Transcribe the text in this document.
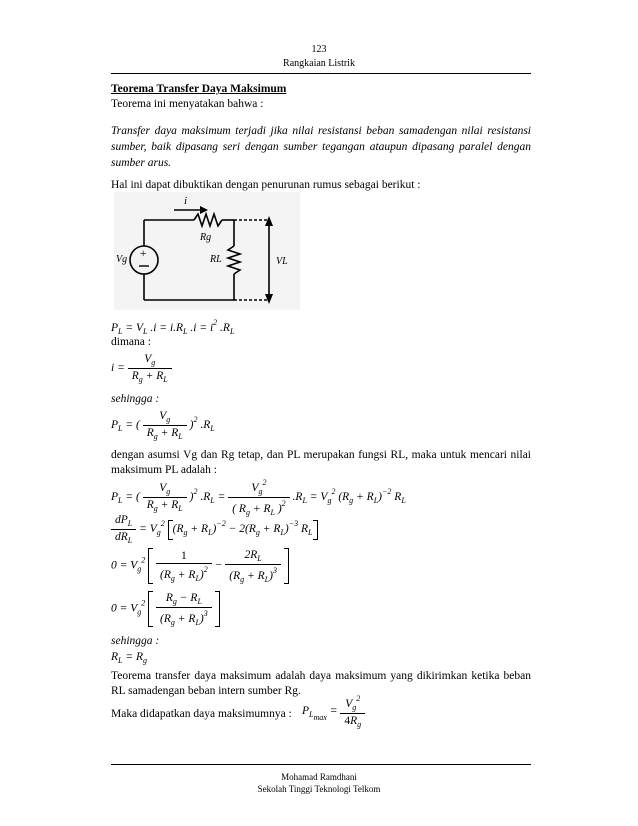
123
Rangkaian Listrik
Teorema Transfer Daya Maksimum
Teorema ini menyatakan bahwa :
Transfer daya maksimum terjadi jika nilai resistansi beban samadengan nilai resistansi sumber, baik dipasang seri dengan sumber tegangan ataupun dipasang paralel dengan sumber arus.
Hal ini dapat dibuktikan dengan penurunan rumus sebagai berikut :
+
i
Rg
RL
Vg	VL
$P_L = V_L$ $.i = i.R_L$ $.i = i^2$ $.R_L$
dimana :
$i = \frac{V_g}{R_g + R_L}$
sehingga :
$P_L$ = ( $\frac{V_g}{R_g + R_L} )^2$ $.R_L$
dengan asumsi Vg dan Rg tetap, dan PL merupakan fungsi RL, maka untuk mencari nilai maksimum PL adalah :
$P_L$ = ( $\frac{V_g}{R_g + R_L} )^2$ $.R_L = \frac{V_g^2}{( R_g + R_L )^2} .R_L = V_g^2$ $(R_g + R_L)^{-2}$ $R_L$
$\frac{dP_L}{dR_L} = V_g^2$ $(R_g + R_L)^{-2} - 2(R_g + R_L)^{-3}$ $R_L$
$0 = V_g^2 \frac{1}{(R_g + R_L)^2} - \frac{2R_L}{(R_g + R_L)^3}$

$0 = V_g^2 \frac{R_g - R_L}{(R_g + R_L)^3}$

sehingga :
$R_L = R_g$
Teorema transfer daya maksimum adalah daya maksimum yang dikirimkan ketika beban RL samadengan beban intern sumber Rg.
Maka didapatkan daya maksimumnya : $P_{L_{max}} = \frac{V_g^2}{4R_g}$
Mohamad Ramdhani
Sekolah Tinggi Teknologi Telkom
